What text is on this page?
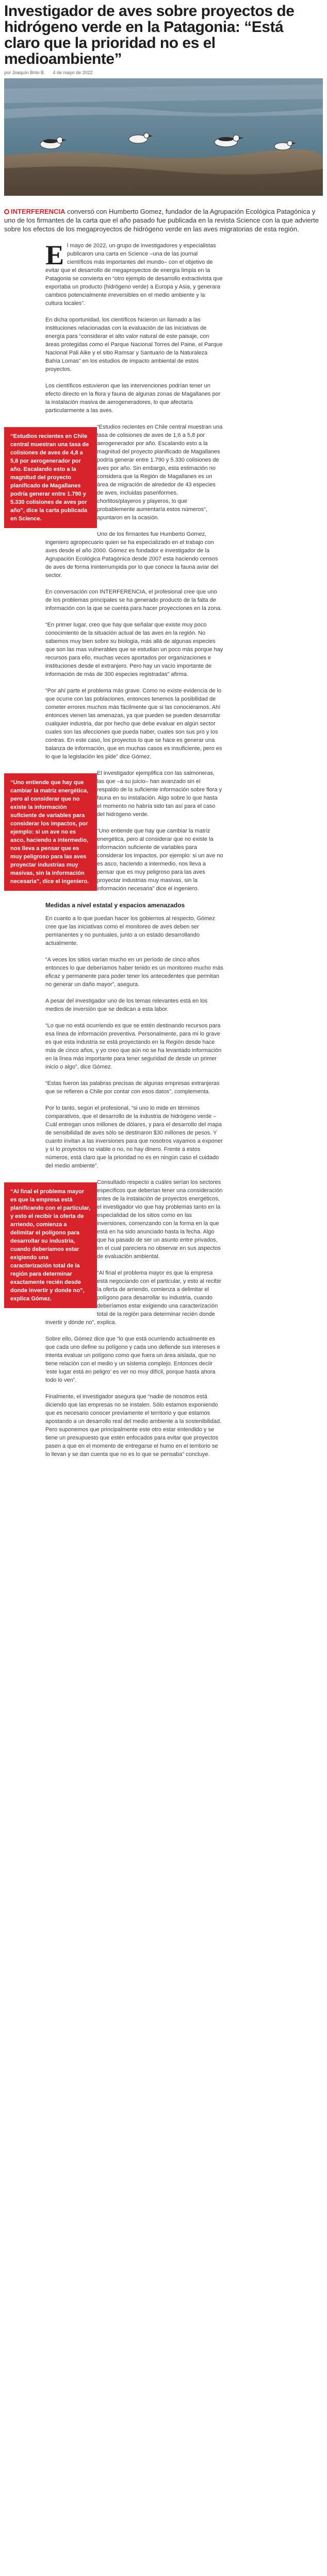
Investigador de aves sobre proyectos de hidrógeno verde en la Patagonia: “Está claro que la prioridad no es el medioambiente”
por Joaquín Brito B. · 4 de mayo de 2022

INTERFERENCIA conversó con Humberto Gomez, fundador de la Agrupación Ecológica Patagónica y uno de los firmantes de la carta que el año pasado fue publicada en la revista Science con la que advierte sobre los efectos de los megaproyectos de hidrógeno verde en las aves migratorias de esta región.

El mayo de 2022, un grupo de investigadores y especialistas publicaron una carta en Science –una de las journal científicos más importantes del mundo– con el objetivo de evitar que el desarrollo de megaproyectos de energía limpia en la Patagonia se convierta en “otro ejemplo de desarrollo extractivista que exportaba un producto (hidrógeno verde) a Europa y Asia, y generara cambios potencialmente irreversibles en el medio ambiente y la cultura locales”.

En dicha oportunidad, los científicos hicieron un llamado a las instituciones relacionadas con la evaluación de las iniciativas de energía para “considerar el alto valor natural de este paisaje, con áreas protegidas como el Parque Nacional Torres del Paine, el Parque Nacional Pali Aike y el sitio Ramsar y Santuario de la Naturaleza Bahía Lomas” en los estudios de impacto ambiental de estos proyectos.

Los científicos estuvieron que las intervenciones podrían tener un efecto directo en la flora y fauna de algunas zonas de Magallanes por la instalación masiva de aerogeneradores, lo que afectaría particularmente a las aves.

“Estudios recientes en Chile central muestran una tasa de colisiones de aves de 4,8 a 5,8 por aerogenerador por año. Escalando esto a la magnitud del proyecto planificado de Magallanes podría generar entre 1.790 y 5.330 colisiones de aves por año”, dice la carta publicada en Science.

“Estudios recientes en Chile central muestran una tasa de colisiones de aves de 1,6 a 5,8 por aerogenerador por año. Escalando esto a la magnitud del proyecto planificado de Magallanes podría generar entre 1.790 y 5.330 colisiones de aves por año. Sin embargo, esta estimación no considera que la Región de Magallanes es un área de migración de alrededor de 43 especies de aves, incluidas paseriformes, chorlitos/playeros y playeros, lo que probablemente aumentaría estos números”, apuntaron en la ocasión.

Uno de los firmantes fue Humberto Gomez, ingeniero agropecuario quien se ha especializado en el trabajo con aves desde el año 2000. Gómez es fundador e investigador de la Agrupación Ecológica Patagónica desde 2007 esta haciendo censos de aves de forma ininterrumpida por lo que conoce la fauna aviar del sector.

En conversación con INTERFERENCIA, el profesional cree que uno de los problemas principales se ha generado producto de la falta de información con la que se cuenta para hacer proyecciones en la zona.

“En primer lugar, creo que hay que señalar que existe muy poco conocimiento de la situación actual de las aves en la región. No sabemos muy bien sobre su biología, más allá de algunas especies que son las mas vulnerables que se estudian un poco más porque hay recursos para ello, muchas veces aportados por organizaciones e instituciones desde el extranjero. Pero hay un vacío importante de información de más de 300 especies registradas” afirma.

“Por ahí parte el problema más grave. Como no existe evidencia de lo que ocurre con las poblaciones, entonces tenemos la posibilidad de cometer errores muchos más fácilmente que si las conociéramos. Ahí entonces vienen las amenazas, ya que pueden se pueden desarrollar cualquier industria, dar por hecho que debe evaluar en algún sector cuales son las afecciones que pueda haber, cuales son sus pro y los contras. En este caso, los proyectos lo que se hace es generar una balanza de información, que en muchas casos es insuficiente, pero es lo que la legislación les pide” dice Gómez.

“Uno entiende que hay que cambiar la matriz energética, pero al considerar que no existe la información suficiente de variables para considerar los impactos, por ejemplo: si un ave no es asco, haciendo a intermedio, nos lleva a pensar que es muy peligroso para las aves proyectar industrias muy masivas, sin la información necesaria”, dice el ingeniero.

El investigador ejemplifica con las salmoneras, las que –a su juicio– han avanzado sin el respaldo de la suficiente información sobre flora y fauna en su instalación. Algo sobre lo que hasta el momento no habría sido tan así para el caso del hidrógeno verde.

“Uno entiende que hay que cambiar la matriz energética, pero al considerar que no existe la información suficiente de variables para considerar los impactos, por ejemplo: si un ave no es asco, haciendo a intermedio, nos lleva a pensar que es muy peligroso para las aves proyectar industrias muy masivas, sin la información necesaria” dice el ingeniero.

Medidas a nivel estatal y espacios amenazados

En cuanto a lo que puedan hacer los gobiernos al respecto, Gómez cree que las iniciativas como el monitoreo de aves deben ser permanentes y no puntuales, junto a un estado desarrollando actualmente.

“A veces los sitios varían mucho en un período de cinco años entonces lo que deberíamos haber tenido es un monitoreo mucho más eficaz y permanente para poder tener los antecedentes que permitan no generar un daño mayor”, asegura.

A pesar del investigador uno de los temas relevantes está en los medios de inversión que se dedican a esta labor.

“Lo que no está ocurriendo es que se estén destinando recursos para esa línea de información preventiva. Personalmente, para mi lo grave es que esta industria se está proyectando en la Región desde hace más de cinco años, y yo creo que aún no se ha levantado información en la línea más importante para tener seguridad de desde un primer inicio o algo”, dice Gómez.

“Estas fueron las palabras precisas de algunas empresas extranjeras que se refieren a Chile por contar con esos datos”, complementa.

Por lo tanto, según el profesional, “si uno lo mide en términos comparativos, que el desarrollo de la industria de hidrógeno verde –Cuál entregan unos millones de dólares, y para el desarrollo del mapa de sensibilidad de aves sólo se destinaron $30 millones de pesos. Y cuanto invitan a las inversiones para que nosotros vayamos a exponer y sí lo proyectos no viable o no, no hay dinero. Frente a estos números, está claro que la prioridad no es en ningún caso el cuidado del medio ambiente”.

“Al final el problema mayor es que la empresa está planificando con el particular, y esto el recibir la oferta de arriendo, comienza a delimitar el polígono para desarrollar su industria, cuando deberíamos estar exigiendo una caracterización total de la región para determinar exactamente recién desde donde invertir y donde no”, explica Gómez.

Consultado respecto a cuáles serían los sectores específicos que deberían tener una consideración antes de la instalación de proyectos energéticos, el investigador vio que hay problemas tanto en la especialidad de los sitios como en las inversiones, comenzando con la forma en la que está en ha sido anunciado hasta la fecha. Algo que ha pasado de ser un asunto entre privados, en el cual pareciera no observar en sus aspectos de evaluación ambiental.

“Al final el problema mayor es que la empresa está negociando con el particular, y esto al recibir la oferta de arriendo, comienza a delimitar el polígono para desarrollar su industria, cuando deberíamos estar exigiendo una caracterización total de la región para determinar recién donde invertir y dónde no”, explica.

Sobre ello, Gómez dice que “lo que está ocurriendo actualmente es que cada uno define su polígono y cada uno defiende sus intereses e intenta evaluar un polígono como que fuera un área aislada, que no tiene relación con el medio y un sistema complejo. Entonces deciir 'este lugar está en peligro' es ver no muy difícil, porque hasta ahora todo lo ven”.

Finalmente, el investigador asegura que “nadie de nosotros está diciendo que las empresas no se instalen. Sólo estamos exponiendo que es necesario conocer previamente el territorio y que estamos apostando a un desarrollo real del medio ambiente a la sostenibilidad. Pero suponemos que principalmente este otro estar entendido y se tiene un presupuesto que estén enfocados para evitar que proyectos pasen a que en el momento de entregarse el humo en el territorio se lo llevan y se dan cuenta que no es lo que se pensaba” concluye.
